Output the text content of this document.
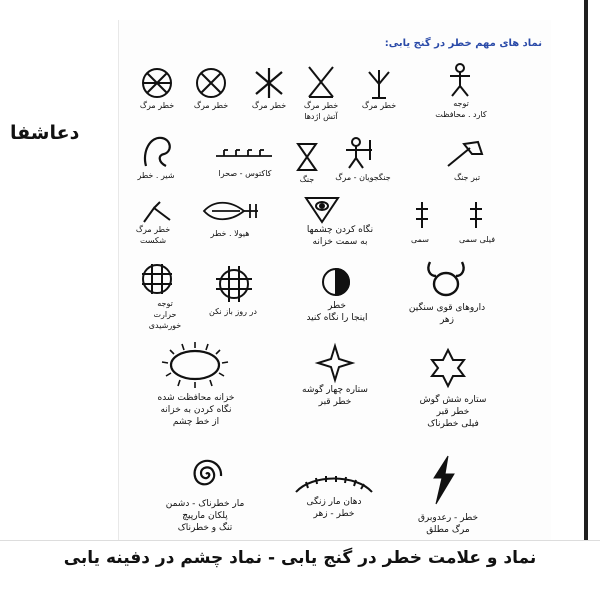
نماد های مهم خطر در گنج یابی:
دعاشفا
خطر مرگ	خطر مرگ	خطر مرگ	خطر مرگ
آتش اژدها
خطر مرگ	توجه
کارد . محافظت
شیر . خطر	کاکتوس - صحرا
جنگ	جنگجویان - مرگ	تبر جنگ
خطر مرگ
شکست
هیولا . خطر	نگاه کردن چشمها
به سمت خزانه	سمی	فیلی سمی
توجه
حرارت
خورشیدی
در روز باز نکن
خطر
اینجا را نگاه کنید
داروهای قوی سنگین
زهر
خزانه محافظت شده
نگاه کردن به خزانه
از خط چشم
ستاره چهار گوشه
خطر قبر	ستاره شش گوش
خطر قبر
فیلی خطرناک
مار خطرناک - دشمن
پلکان مارپیچ
تنگ و خطرناک
دهان مار زنگی
خطر - زهر	خطر - رعدوبرق
مرگ مطلق
نماد و علامت خطر در گنج یابی - نماد چشم در دفینه یابی
